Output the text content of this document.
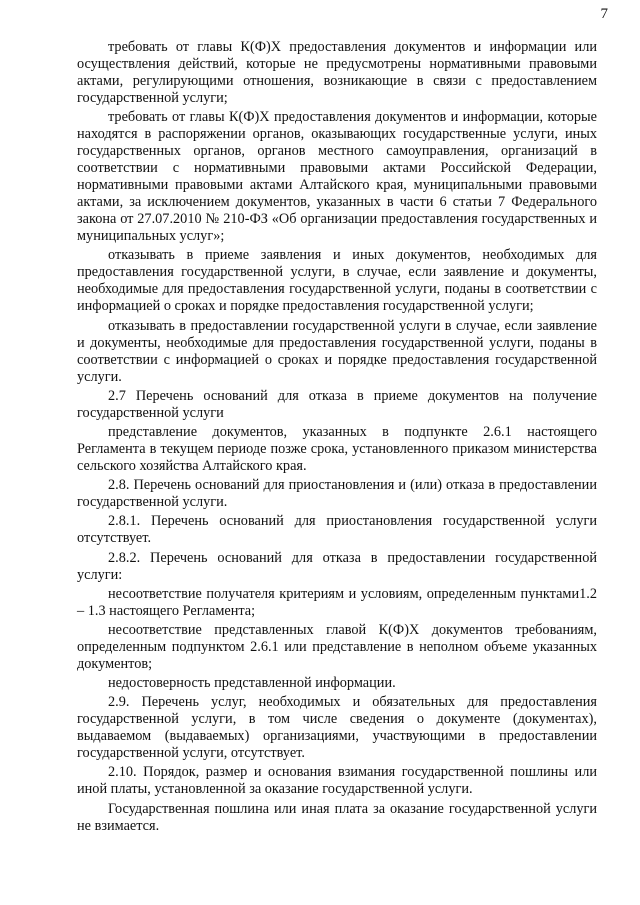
7

требовать от главы К(Ф)Х предоставления документов и информации или осуществления действий, которые не предусмотрены нормативными правовыми актами, регулирующими отношения, возникающие в связи с предоставлением государственной услуги;

требовать от главы К(Ф)Х предоставления документов и информации, которые находятся в распоряжении органов, оказывающих государственные услуги, иных государственных органов, органов местного самоуправления, организаций в соответствии с нормативными правовыми актами Российской Федерации, нормативными правовыми актами Алтайского края, муниципальными правовыми актами, за исключением документов, указанных в части 6 статьи 7 Федерального закона от 27.07.2010 № 210-ФЗ «Об организации предоставления государственных и муниципальных услуг»;

отказывать в приеме заявления и иных документов, необходимых для предоставления государственной услуги, в случае, если заявление и документы, необходимые для предоставления государственной услуги, поданы в соответствии с информацией о сроках и порядке предоставления государственной услуги;

отказывать в предоставлении государственной услуги в случае, если заявление и документы, необходимые для предоставления государственной услуги, поданы в соответствии с информацией о сроках и порядке предоставления государственной услуги.

2.7 Перечень оснований для отказа в приеме документов на получение государственной услуги

представление документов, указанных в подпункте 2.6.1 настоящего Регламента в текущем периоде позже срока, установленного приказом министерства сельского хозяйства Алтайского края.

2.8. Перечень оснований для приостановления и (или) отказа в предоставлении государственной услуги.

2.8.1. Перечень оснований для приостановления государственной услуги отсутствует.

2.8.2. Перечень оснований для отказа в предоставлении государственной услуги:

несоответствие получателя критериям и условиям, определенным пунктами1.2 – 1.3 настоящего Регламента;

несоответствие представленных главой К(Ф)Х документов требованиям, определенным подпунктом 2.6.1 или представление в неполном объеме указанных документов;

недостоверность представленной информации.

2.9. Перечень услуг, необходимых и обязательных для предоставления государственной услуги, в том числе сведения о документе (документах), выдаваемом (выдаваемых) организациями, участвующими в предоставлении государственной услуги, отсутствует.

2.10. Порядок, размер и основания взимания государственной пошлины или иной платы, установленной за оказание государственной услуги.

Государственная пошлина или иная плата за оказание государственной услуги не взимается.
